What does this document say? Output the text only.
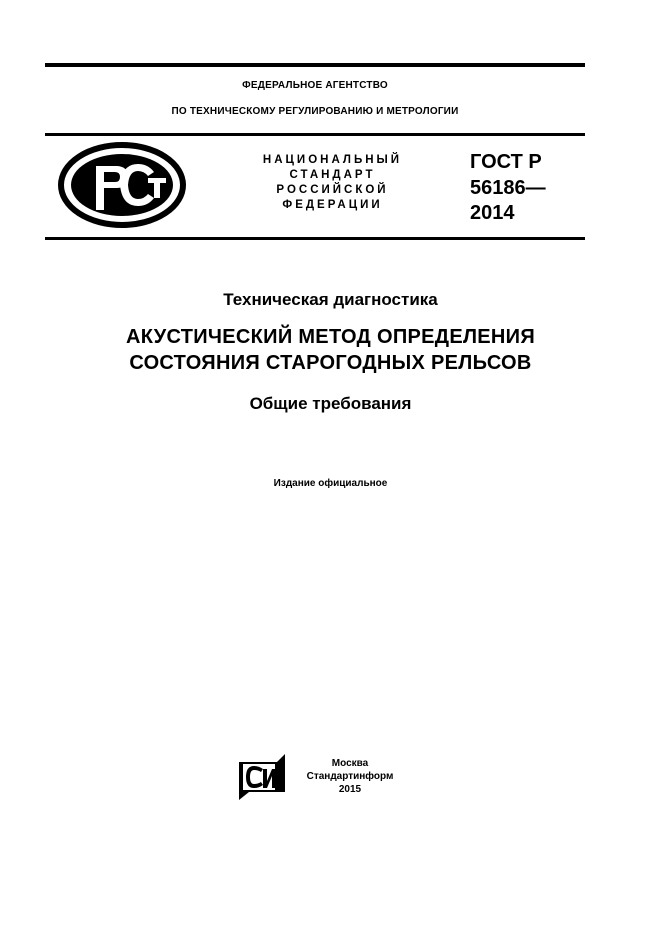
ФЕДЕРАЛЬНОЕ АГЕНТСТВО
ПО ТЕХНИЧЕСКОМУ РЕГУЛИРОВАНИЮ И МЕТРОЛОГИИ
НАЦИОНАЛЬНЫЙ
СТАНДАРТ
РОССИЙСКОЙ
ФЕДЕРАЦИИ
ГОСТ Р
56186—
2014
Техническая диагностика
АКУСТИЧЕСКИЙ МЕТОД ОПРЕДЕЛЕНИЯ
СОСТОЯНИЯ СТАРОГОДНЫХ РЕЛЬСОВ
Общие требования
Издание официальное
Москва
Стандартинформ
2015
